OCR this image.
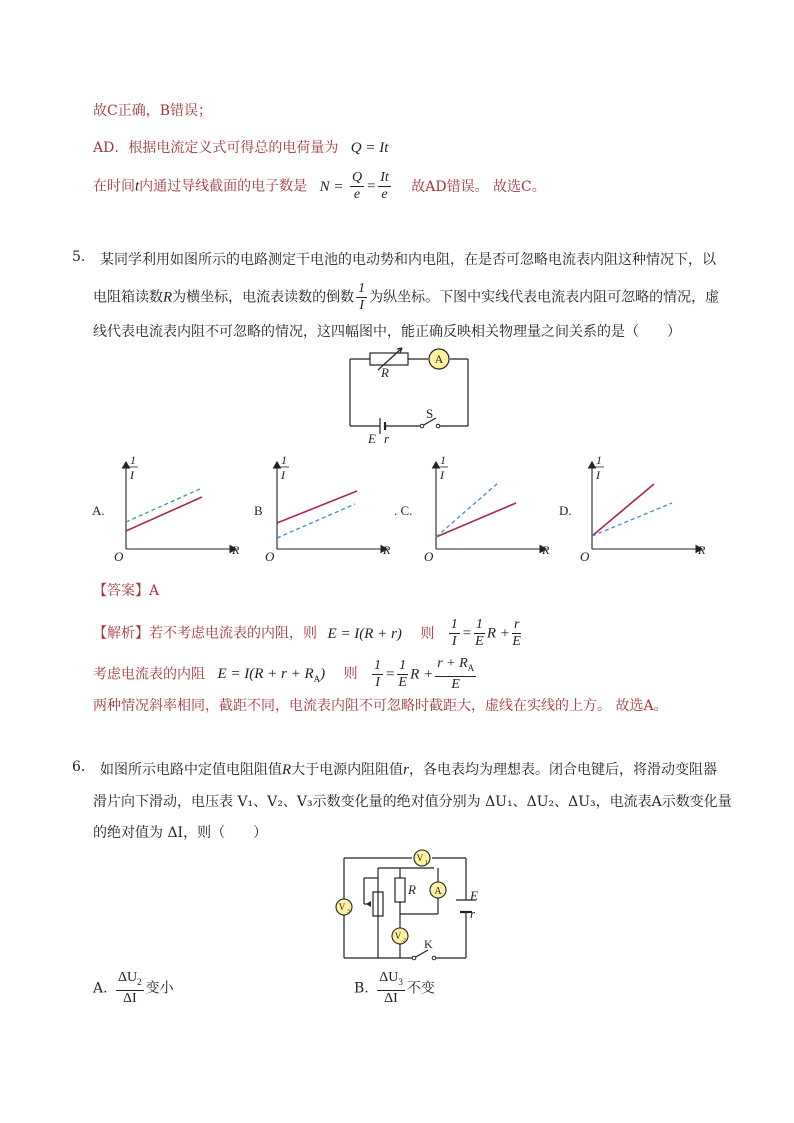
故C正确，B错误；
AD．根据电流定义式可得总的电荷量为 Q = It
在时间t内通过导线截面的电子数是 $N = \frac{Q}{e} = \frac{It}{e}$ 故AD错误。 故选C。
5. 某同学利用如图所示的电路测定干电池的电动势和内电阻，在是否可忽略电流表内阻这种情况下，以
电阻箱读数R为横坐标，电流表读数的倒数 $\frac{1}{I}$ 为纵坐标。下图中实线代表电流表内阻可忽略的情况，虚
线代表电流表内阻不可忽略的情况，这四幅图中，能正确反映相关物理量之间关系的是（　　）
A
R
S
E r
1
I
R
O
1
I
R
O
1
I
R
O
1
I
R
O
A.	B	. C.	D.
【答案】A
【解析】若不考虑电流表的内阻，则 E = I(R + r) 则 $\frac{1}{I} = \frac{1}{E}$ $R + \frac{r}{E}$
考虑电流表的内阻 $E = I(R + r + R_A)$ 则 $\frac{1}{I} = \frac{1}{E}$ $R + \frac{r + R_A}{E}$
两种情况斜率相同，截距不同，电流表内阻不可忽略时截距大，虚线在实线的上方。 故选A。
6. 如图所示电路中定值电阻阻值R大于电源内阻阻值r，各电表均为理想表。闭合电键后，将滑动变阻器
滑片向下滑动，电压表 V₁、V₂、V₃示数变化量的绝对值分别为 ΔU₁、ΔU₂、ΔU₃，电流表A示数变化量
的绝对值为 ΔI，则（　　）
V 1
A
V 3
V 2
R	E
r
K
A. $\frac{\Delta U_2}{\Delta I}$ 变小	B. $\frac{\Delta U_3}{\Delta I}$ 不变
